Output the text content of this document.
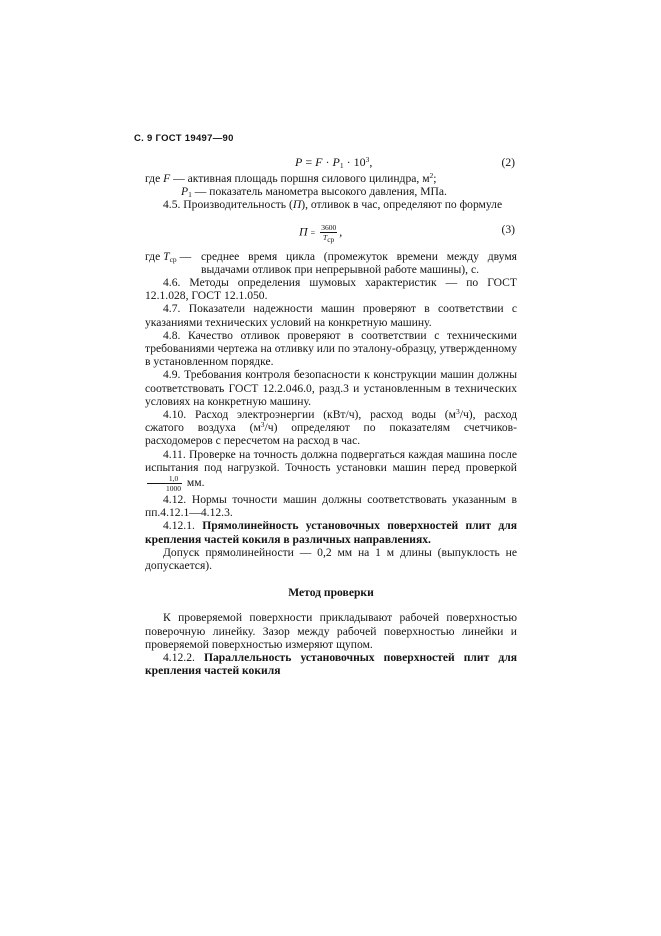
С. 9 ГОСТ 19497—90
$P = F \cdot P_1 \cdot 10^3$,	(2)

где F — активная площадь поршня силового цилиндра, $м^2$;

$P_1$ — показатель манометра высокого давления, МПа.

4.5. Производительность (П), отливок в час, определяют по формуле

$П = \frac{3600}{T_{ср}}$ ,	(3)
где $T_{ср}$ — среднее время цикла (промежуток времени между двумя выдачами отливок при непрерывной работе машины), с.

4.6. Методы определения шумовых характеристик — по ГОСТ 12.1.028, ГОСТ 12.1.050.

4.7. Показатели надежности машин проверяют в соответствии с указаниями технических условий на конкретную машину.

4.8. Качество отливок проверяют в соответствии с техническими требованиями чертежа на отливку или по эталону-образцу, утвержденному в установленном порядке.

4.9. Требования контроля безопасности к конструкции машин должны соответствовать ГОСТ 12.2.046.0, разд.3 и установленным в технических условиях на конкретную машину.

4.10. Расход электроэнергии (кВт/ч), расход воды $(м^3/ч)$, расход сжатого воздуха $(м^3/ч)$ определяют по показателям счетчиков-расходомеров с пересчетом на расход в час.

4.11. Проверке на точность должна подвергаться каждая машина после испытания под нагрузкой. Точность установки машин перед проверкой
$\frac{1,0}{1000}$ мм.

4.12. Нормы точности машин должны соответствовать указанным в пп.4.12.1—4.12.3.

4.12.1. Прямолинейность установочных поверхностей плит для крепления частей кокиля в различных направлениях.

Допуск прямолинейности — 0,2 мм на 1 м длины (выпуклость не допускается).

Метод проверки

К проверяемой поверхности прикладывают рабочей поверхностью поверочную линейку. Зазор между рабочей поверхностью линейки и проверяемой поверхностью измеряют щупом.

4.12.2. Параллельность установочных поверхностей плит для крепления частей кокиля
